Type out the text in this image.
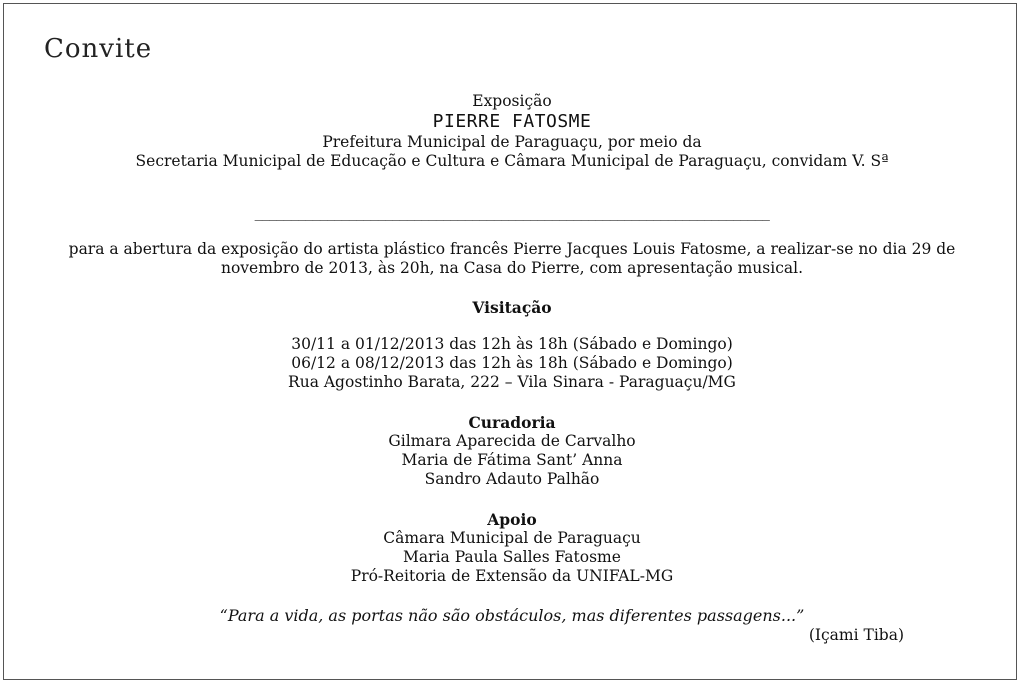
Convite
Exposição
PIERRE FATOSME
Prefeitura Municipal de Paraguaçu, por meio da
Secretaria Municipal de Educação e Cultura e Câmara Municipal de Paraguaçu, convidam V. Sª
_______________________________________________________________________
para a abertura da exposição do artista plástico francês Pierre Jacques Louis Fatosme, a realizar-se no dia 29 de
novembro de 2013, às 20h, na Casa do Pierre, com apresentação musical.
Visitação
30/11 a 01/12/2013 das 12h às 18h (Sábado e Domingo)
06/12 a 08/12/2013 das 12h às 18h (Sábado e Domingo)
Rua Agostinho Barata, 222 – Vila Sinara - Paraguaçu/MG
Curadoria
Gilmara Aparecida de Carvalho
Maria de Fátima Sant’ Anna
Sandro Adauto Palhão
Apoio
Câmara Municipal de Paraguaçu
Maria Paula Salles Fatosme
Pró-Reitoria de Extensão da UNIFAL-MG
“Para a vida, as portas não são obstáculos, mas diferentes passagens...”
(Içami Tiba)
